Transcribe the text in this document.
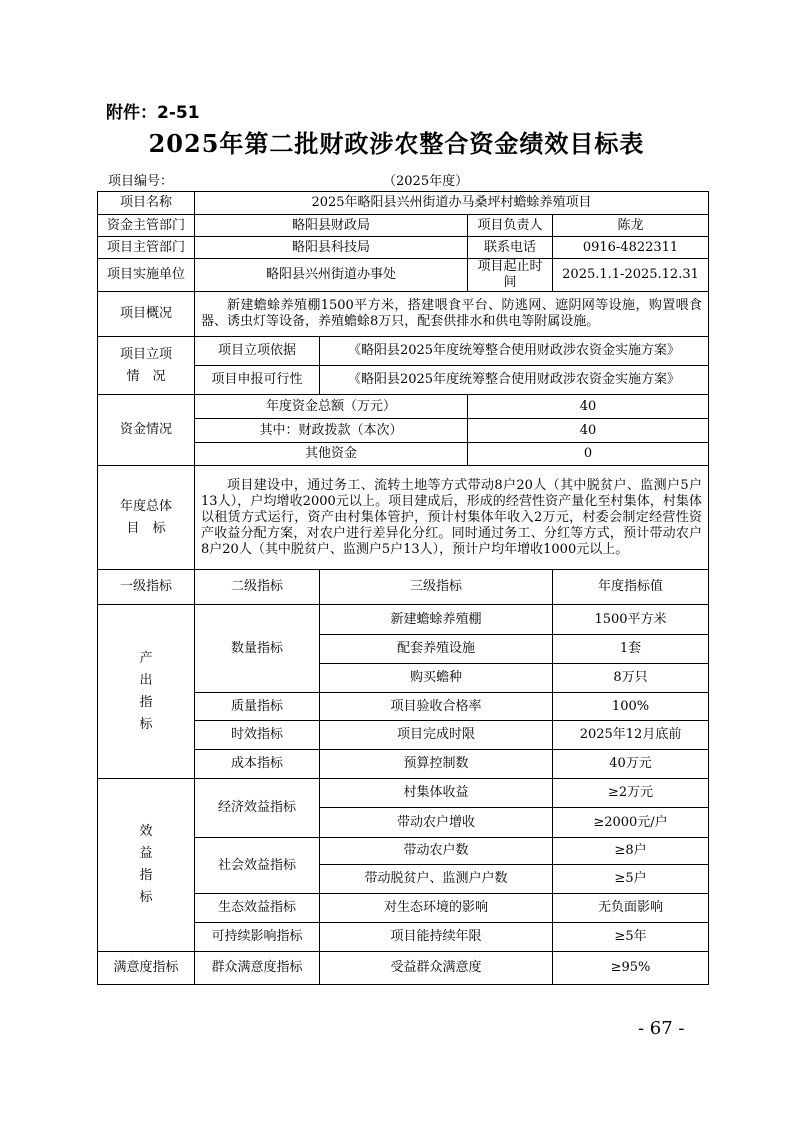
附件：2-51
2025年第二批财政涉农整合资金绩效目标表
项目编号：	（2025年度）
项目名称	2025年略阳县兴州街道办马桑坪村蟾蜍养殖项目			
资金主管部门	略阳县财政局		项目负责人	陈龙
项目主管部门	略阳县科技局		联系电话	0916-4822311
项目实施单位	略阳县兴州街道办事处		项目起止时间	2025.1.1-2025.12.31
项目概况	新建蟾蜍养殖棚1500平方米，搭建喂食平台、防逃网、遮阴网等设施，购置喂食器、诱虫灯等设备，养殖蟾蜍8万只，配套供排水和供电等附属设施。			
项目立项
情　况	项目立项依据	《略阳县2025年度统筹整合使用财政涉农资金实施方案》		
	项目申报可行性	《略阳县2025年度统筹整合使用财政涉农资金实施方案》		
资金情况	年度资金总额（万元）		40	
	其中：财政拨款（本次）		40	
	其他资金		0	
年度总体
目　标	项目建设中，通过务工、流转土地等方式带动8户20人（其中脱贫户、监测户5户13人），户均增收2000元以上。项目建成后，形成的经营性资产量化至村集体，村集体以租赁方式运行，资产由村集体管护，预计村集体年收入2万元，村委会制定经营性资产收益分配方案，对农户进行差异化分红。同时通过务工、分红等方式，预计带动农户8户20人（其中脱贫户、监测户5户13人），预计户均年增收1000元以上。			
一级指标	二级指标	三级指标		年度指标值

产出指标	数量指标	新建蟾蜍养殖棚		1500平方米
		配套养殖设施		1套
		购买蟾种		8万只
	质量指标	项目验收合格率		100%
	时效指标	项目完成时限		2025年12月底前
	成本指标	预算控制数		40万元

效益指标	经济效益指标	村集体收益		≥2万元
		带动农户增收		≥2000元/户
	社会效益指标	带动农户数		≥8户
		带动脱贫户、监测户户数		≥5户
	生态效益指标	对生态环境的影响		无负面影响
	可持续影响指标	项目能持续年限		≥5年
满意度指标	群众满意度指标	受益群众满意度		≥95%
- 67 -
